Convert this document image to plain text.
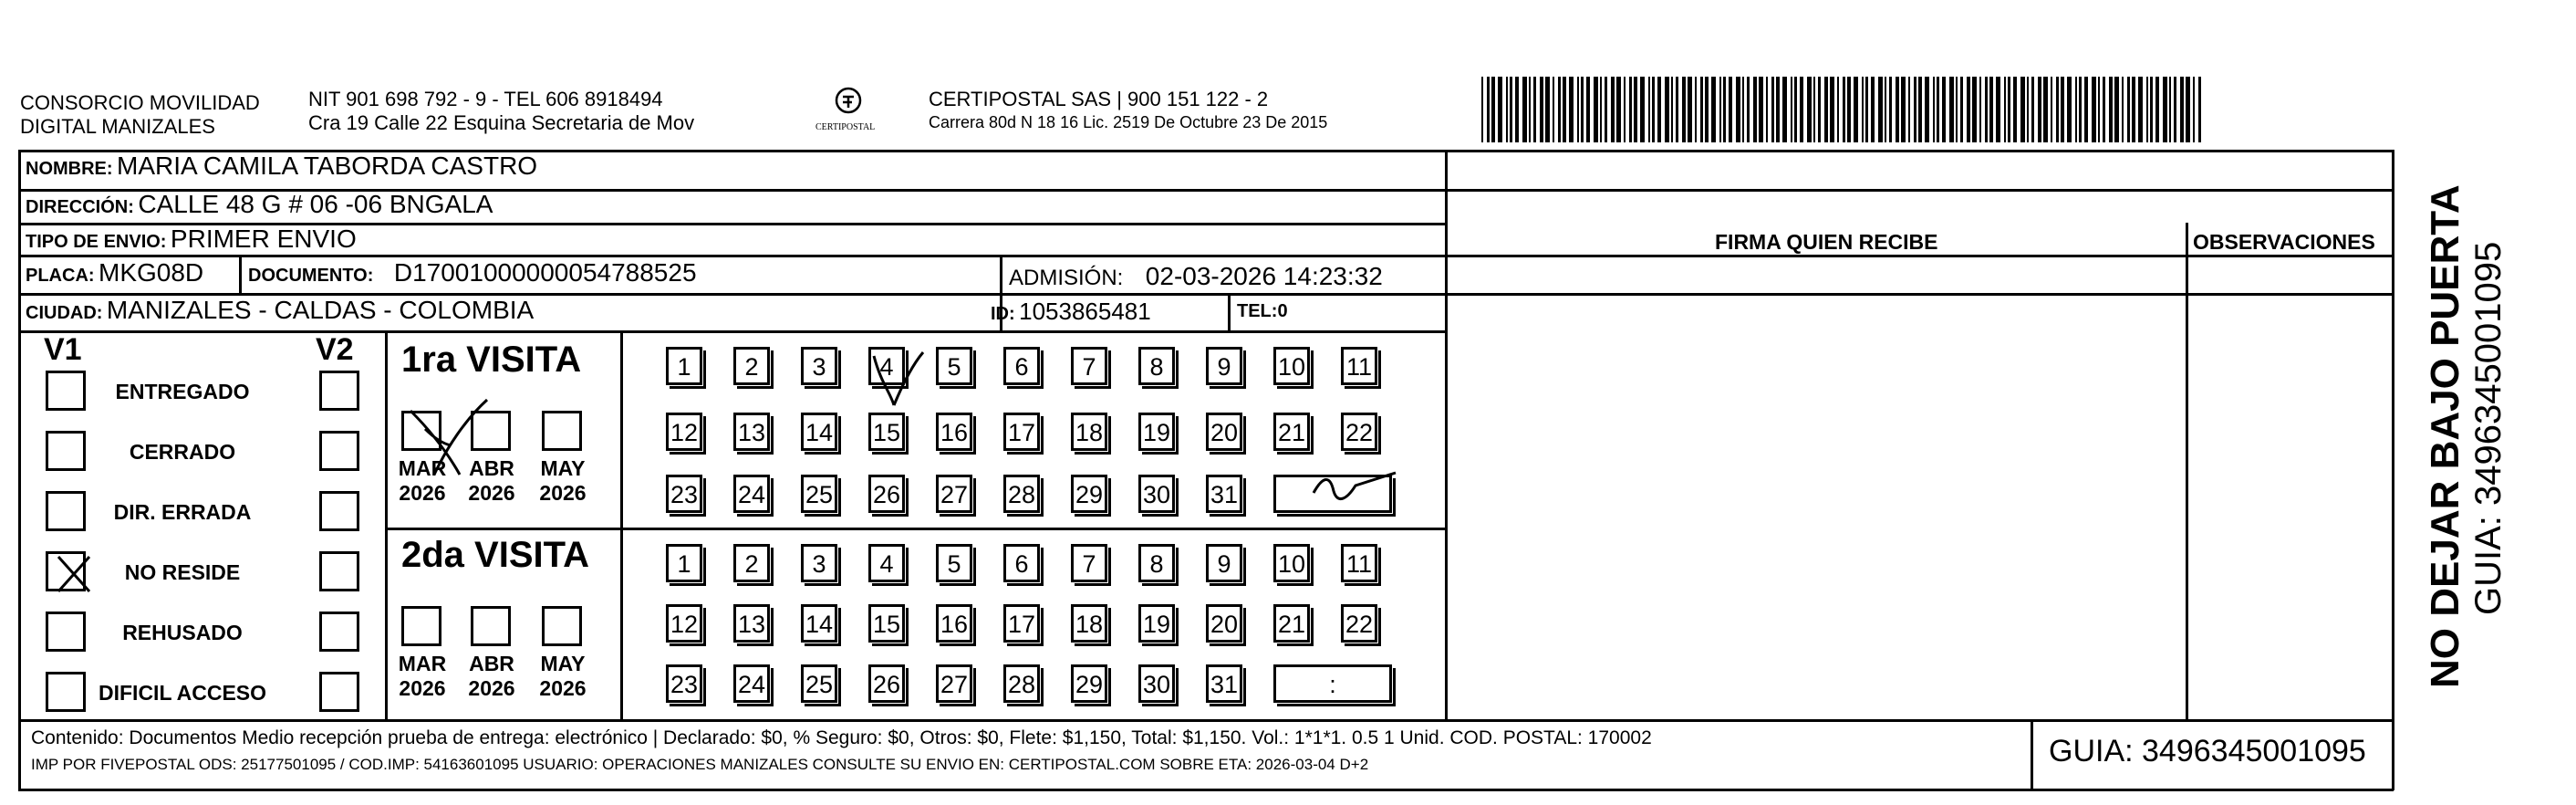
CONSORCIO MOVILIDAD
DIGITAL MANIZALES
NIT 901 698 792 - 9 - TEL 606 8918494
Cra 19 Calle 22 Esquina Secretaria de Mov	CERTIPOSTAL
CERTIPOSTAL SAS | 900 151 122 - 2
Carrera 80d N 18 16 Lic. 2519 De Octubre 23 De 2015
NOMBRE: MARIA CAMILA TABORDA CASTRO
DIRECCIÓN: CALLE 48 G # 06 -06 BNGALA
TIPO DE ENVIO: PRIMER ENVIO
PLACA: MKG08D DOCUMENTO: D17001000000054788525	ADMISIÓN: 02-03-2026 14:23:32
CIUDAD: MANIZALES - CALDAS - COLOMBIA	ID: 1053865481	TEL:0
FIRMA QUIEN RECIBE	OBSERVACIONES
V1	V2
ENTREGADO
CERRADO
DIR. ERRADA
NO RESIDE
REHUSADO
DIFICIL ACCESO
1ra VISITA
2da VISITA
MAR
2026
ABR
2026
MAY
2026
MAR
2026
ABR
2026
MAY
2026
1	2	3	4	5	6	7	8	9	10 11
12 13 14 15 16 17 18 19 20 21 22
23 24 25 26 27 28 29 30 31
1	2	3	4	5	6	7	8	9	10 11
12 13 14 15 16 17 18 19 20 21 22
23 24 25 26 27 28 29 30 31	:
Contenido: Documentos Medio recepción prueba de entrega: electrónico | Declarado: $0, % Seguro: $0, Otros: $0, Flete: $1,150, Total: $1,150. Vol.: 1*1*1. 0.5 1 Unid. COD. POSTAL: 170002
IMP POR FIVEPOSTAL ODS: 25177501095 / COD.IMP: 54163601095 USUARIO: OPERACIONES MANIZALES CONSULTE SU ENVIO EN: CERTIPOSTAL.COM SOBRE ETA: 2026-03-04 D+2	GUIA: 3496345001095
NO DEJAR BAJO PUERTA GUIA: 3496345001095
